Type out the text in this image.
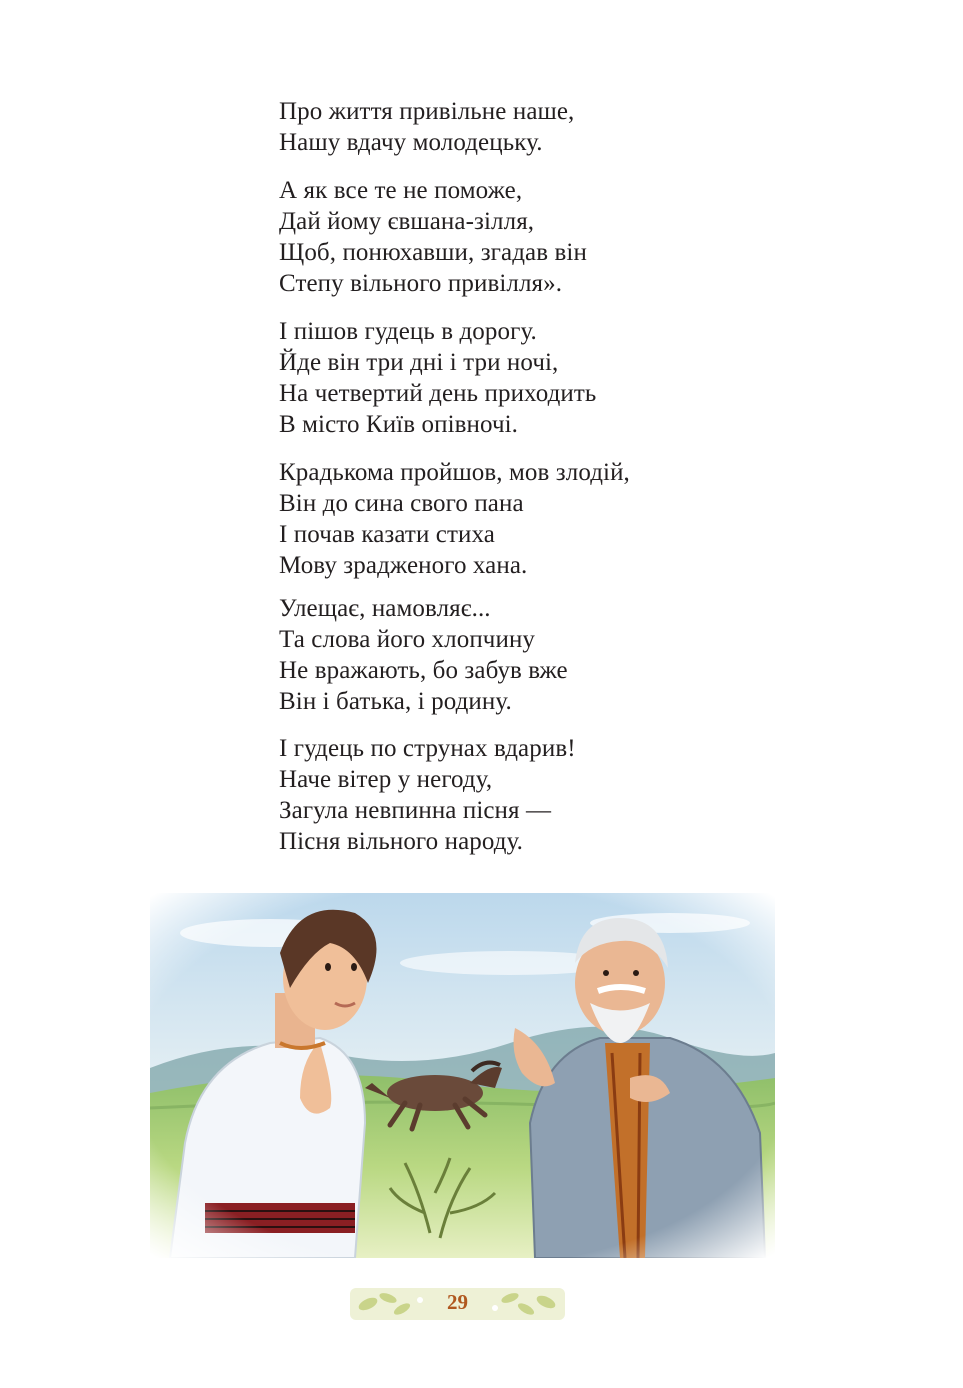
Про життя привільне наше,
Нашу вдачу молодецьку.
А як все те не поможе,
Дай йому євшана-зілля,
Щоб, понюхавши, згадав він
Степу вільного привілля».
І пішов гудець в дорогу.
Йде він три дні і три ночі,
На четвертий день приходить
В місто Київ опівночі.
Крадькома пройшов, мов злодій,
Він до сина свого пана
І почав казати стиха
Мову зрадженого хана.
Улещає, намовляє...
Та слова його хлопчину
Не вражають, бо забув вже
Він і батька, і родину.
І гудець по струнах вдарив!
Наче вітер у негоду,
Загула невпинна пісня —
Пісня вільного народу.
29
